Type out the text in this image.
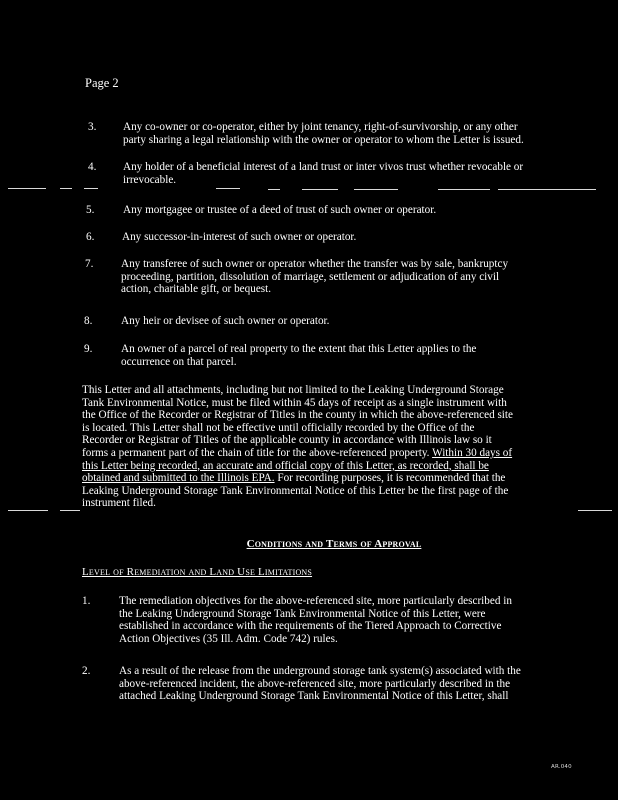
Page 2
3. Any co-owner or co-operator, either by joint tenancy, right-of-survivorship, or any other
party sharing a legal relationship with the owner or operator to whom the Letter is issued.
4. Any holder of a beneficial interest of a land trust or inter vivos trust whether revocable or
irrevocable.
5.	Any mortgagee or trustee of a deed of trust of such owner or operator.
6. Any successor-in-interest of such owner or operator.
7. Any transferee of such owner or operator whether the transfer was by sale, bankruptcy
proceeding, partition, dissolution of marriage, settlement or adjudication of any civil
action, charitable gift, or bequest.
8.	Any heir or devisee of such owner or operator.
9.	An owner of a parcel of real property to the extent that this Letter applies to the
occurrence on that parcel.
This Letter and all attachments, including but not limited to the Leaking Underground Storage
Tank Environmental Notice, must be filed within 45 days of receipt as a single instrument with
the Office of the Recorder or Registrar of Titles in the county in which the above-referenced site
is located. This Letter shall not be effective until officially recorded by the Office of the
Recorder or Registrar of Titles of the applicable county in accordance with Illinois law so it
forms a permanent part of the chain of title for the above-referenced property. Within 30 days of
this Letter being recorded, an accurate and official copy of this Letter, as recorded, shall be
obtained and submitted to the Illinois EPA. For recording purposes, it is recommended that the
Leaking Underground Storage Tank Environmental Notice of this Letter be the first page of the
instrument filed.
Conditions and Terms of Approval
Level of Remediation and Land Use Limitations
1.	The remediation objectives for the above-referenced site, more particularly described in
the Leaking Underground Storage Tank Environmental Notice of this Letter, were
established in accordance with the requirements of the Tiered Approach to Corrective
Action Objectives (35 Ill. Adm. Code 742) rules.
2.	As a result of the release from the underground storage tank system(s) associated with the
above-referenced incident, the above-referenced site, more particularly described in the
attached Leaking Underground Storage Tank Environmental Notice of this Letter, shall
AR.040
